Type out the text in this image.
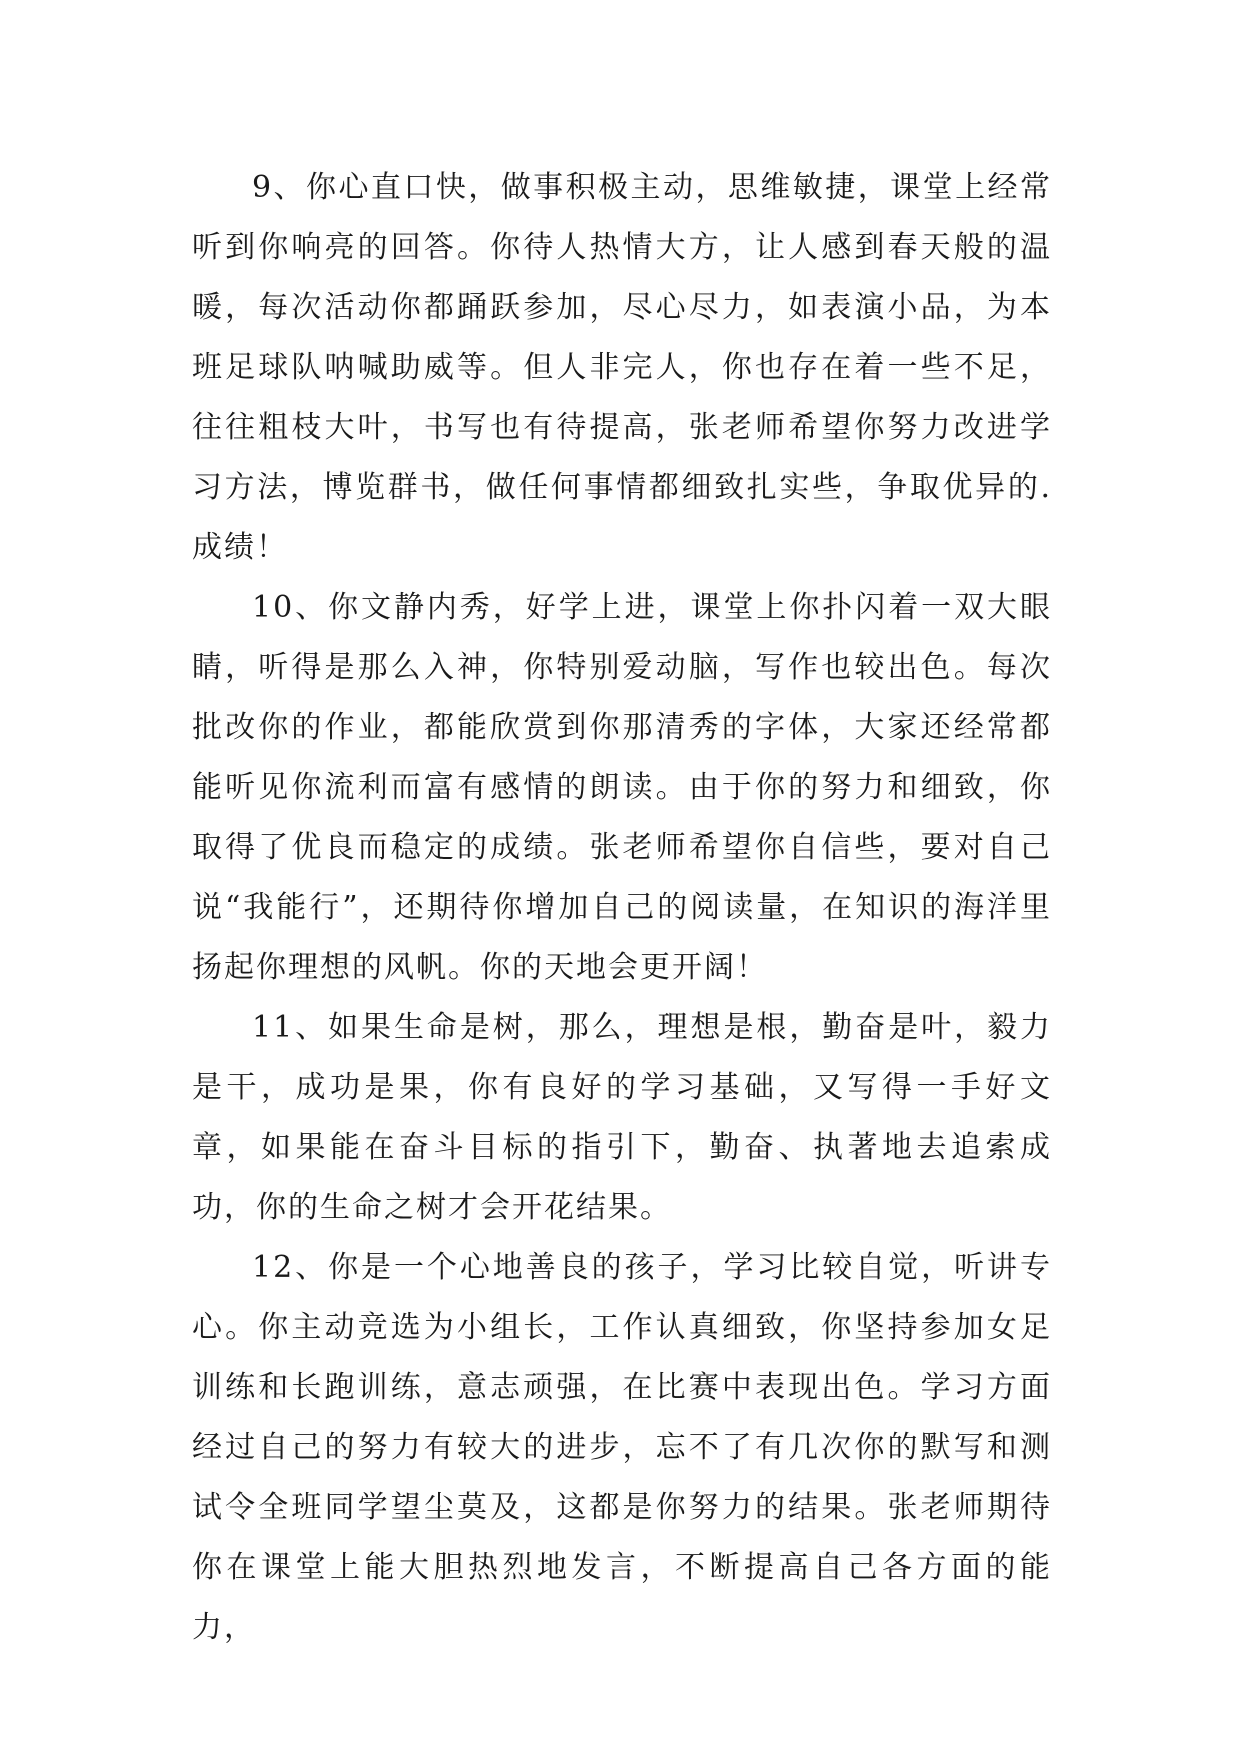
9、你心直口快，做事积极主动，思维敏捷，课堂上经常听到你响亮的回答。你待人热情大方，让人感到春天般的温暖，每次活动你都踊跃参加，尽心尽力，如表演小品，为本班足球队呐喊助威等。但人非完人，你也存在着一些不足，往往粗枝大叶，书写也有待提高，张老师希望你努力改进学习方法，博览群书，做任何事情都细致扎实些，争取优异的.成绩！

10、你文静内秀，好学上进，课堂上你扑闪着一双大眼睛，听得是那么入神，你特别爱动脑，写作也较出色。每次批改你的作业，都能欣赏到你那清秀的字体，大家还经常都能听见你流利而富有感情的朗读。由于你的努力和细致，你取得了优良而稳定的成绩。张老师希望你自信些，要对自己说“我能行”，还期待你增加自己的阅读量，在知识的海洋里扬起你理想的风帆。你的天地会更开阔！

11、如果生命是树，那么，理想是根，勤奋是叶，毅力是干，成功是果，你有良好的学习基础，又写得一手好文章，如果能在奋斗目标的指引下，勤奋、执著地去追索成功，你的生命之树才会开花结果。

12、你是一个心地善良的孩子，学习比较自觉，听讲专心。你主动竞选为小组长，工作认真细致，你坚持参加女足训练和长跑训练，意志顽强，在比赛中表现出色。学习方面经过自己的努力有较大的进步，忘不了有几次你的默写和测试令全班同学望尘莫及，这都是你努力的结果。张老师期待你在课堂上能大胆热烈地发言，不断提高自己各方面的能力，
